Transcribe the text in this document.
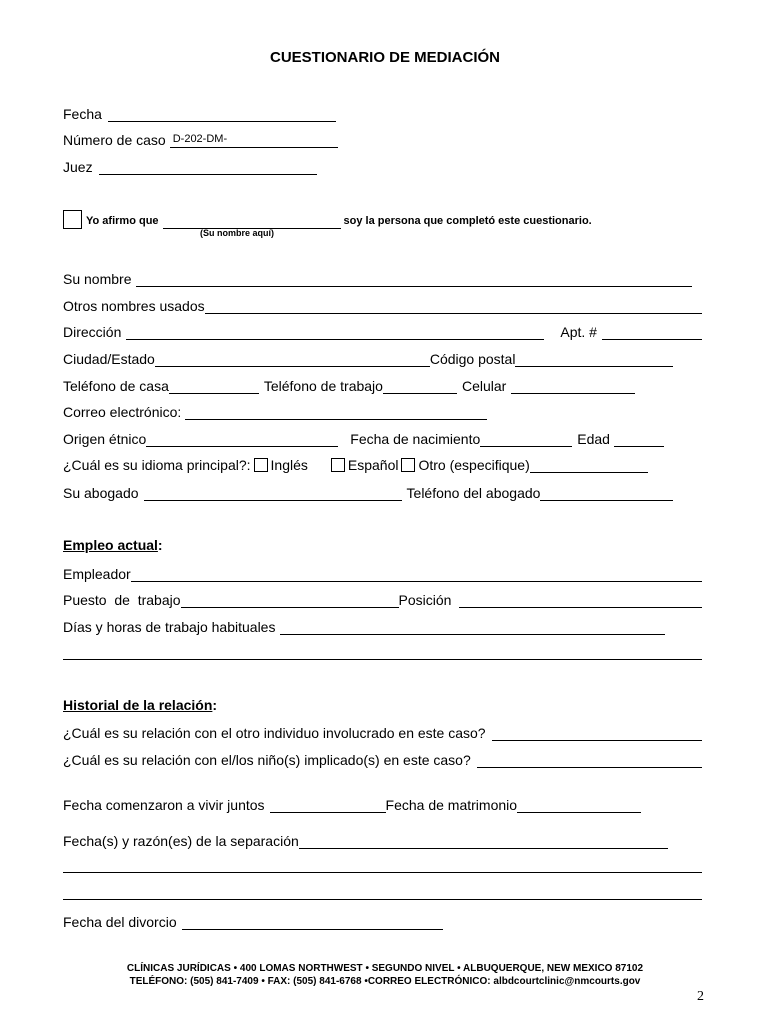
CUESTIONARIO DE MEDIACIÓN
Fecha
Número de caso D-202-DM-
Juez
Yo afirmo que	soy la persona que completó este cuestionario.
(Su nombre aquí)
Su nombre
Otros nombres usados
Dirección	Apt. #
Ciudad/Estado	Código postal
Teléfono de casa	Teléfono de trabajo	Celular
Correo electrónico:
Origen étnico	Fecha de nacimiento	Edad
¿Cuál es su idioma principal?: Inglés	Español Otro (especifique)
Su abogado	Teléfono del abogado
Empleo actual:
Empleador
Puesto  de  trabajo	Posición
Días y horas de trabajo habituales
Historial de la relación:
¿Cuál es su relación con el otro individuo involucrado en este caso?
¿Cuál es su relación con el/los niño(s) implicado(s) en este caso?
Fecha comenzaron a vivir juntos	Fecha de matrimonio
Fecha(s) y razón(es) de la separación
Fecha del divorcio
CLÍNICAS JURÍDICAS • 400 LOMAS NORTHWEST • SEGUNDO NIVEL • ALBUQUERQUE, NEW MEXICO 87102
TELÉFONO: (505) 841-7409 • FAX: (505) 841-6768 •CORREO ELECTRÓNICO: albdcourtclinic@nmcourts.gov
2
